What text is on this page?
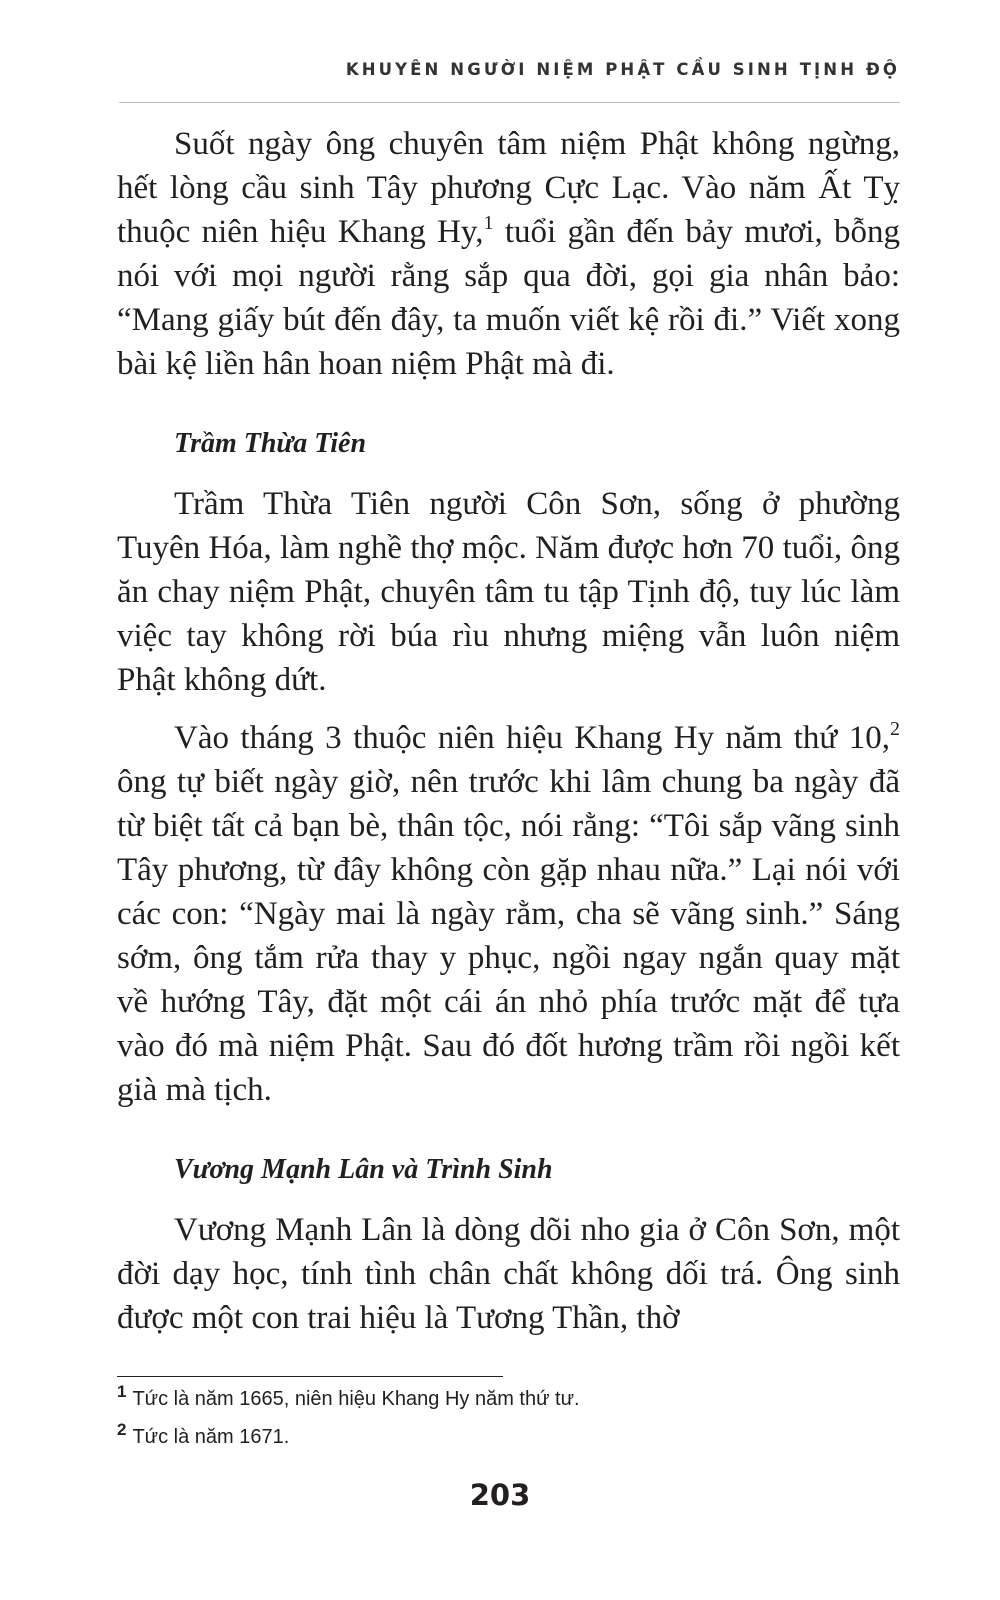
KHUYÊN NGƯỜI NIỆM PHẬT CẦU SINH TỊNH ĐỘ

Suốt ngày ông chuyên tâm niệm Phật không ngừng, hết lòng cầu sinh Tây phương Cực Lạc. Vào năm Ất Tỵ thuộc niên hiệu Khang Hy,$^1$ tuổi gần đến bảy mươi, bỗng nói với mọi người rằng sắp qua đời, gọi gia nhân bảo: “Mang giấy bút đến đây, ta muốn viết kệ rồi đi.” Viết xong bài kệ liền hân hoan niệm Phật mà đi.

Trầm Thừa Tiên

Trầm Thừa Tiên người Côn Sơn, sống ở phường Tuyên Hóa, làm nghề thợ mộc. Năm được hơn 70 tuổi, ông ăn chay niệm Phật, chuyên tâm tu tập Tịnh độ, tuy lúc làm việc tay không rời búa rìu nhưng miệng vẫn luôn niệm Phật không dứt.

Vào tháng 3 thuộc niên hiệu Khang Hy năm thứ 10,$^2$ ông tự biết ngày giờ, nên trước khi lâm chung ba ngày đã từ biệt tất cả bạn bè, thân tộc, nói rằng: “Tôi sắp vãng sinh Tây phương, từ đây không còn gặp nhau nữa.” Lại nói với các con: “Ngày mai là ngày rằm, cha sẽ vãng sinh.” Sáng sớm, ông tắm rửa thay y phục, ngồi ngay ngắn quay mặt về hướng Tây, đặt một cái án nhỏ phía trước mặt để tựa vào đó mà niệm Phật. Sau đó đốt hương trầm rồi ngồi kết già mà tịch.

Vương Mạnh Lân và Trình Sinh

Vương Mạnh Lân là dòng dõi nho gia ở Côn Sơn, một đời dạy học, tính tình chân chất không dối trá. Ông sinh được một con trai hiệu là Tương Thần, thờ

1 Tức là năm 1665, niên hiệu Khang Hy năm thứ tư.
2 Tức là năm 1671.
203
